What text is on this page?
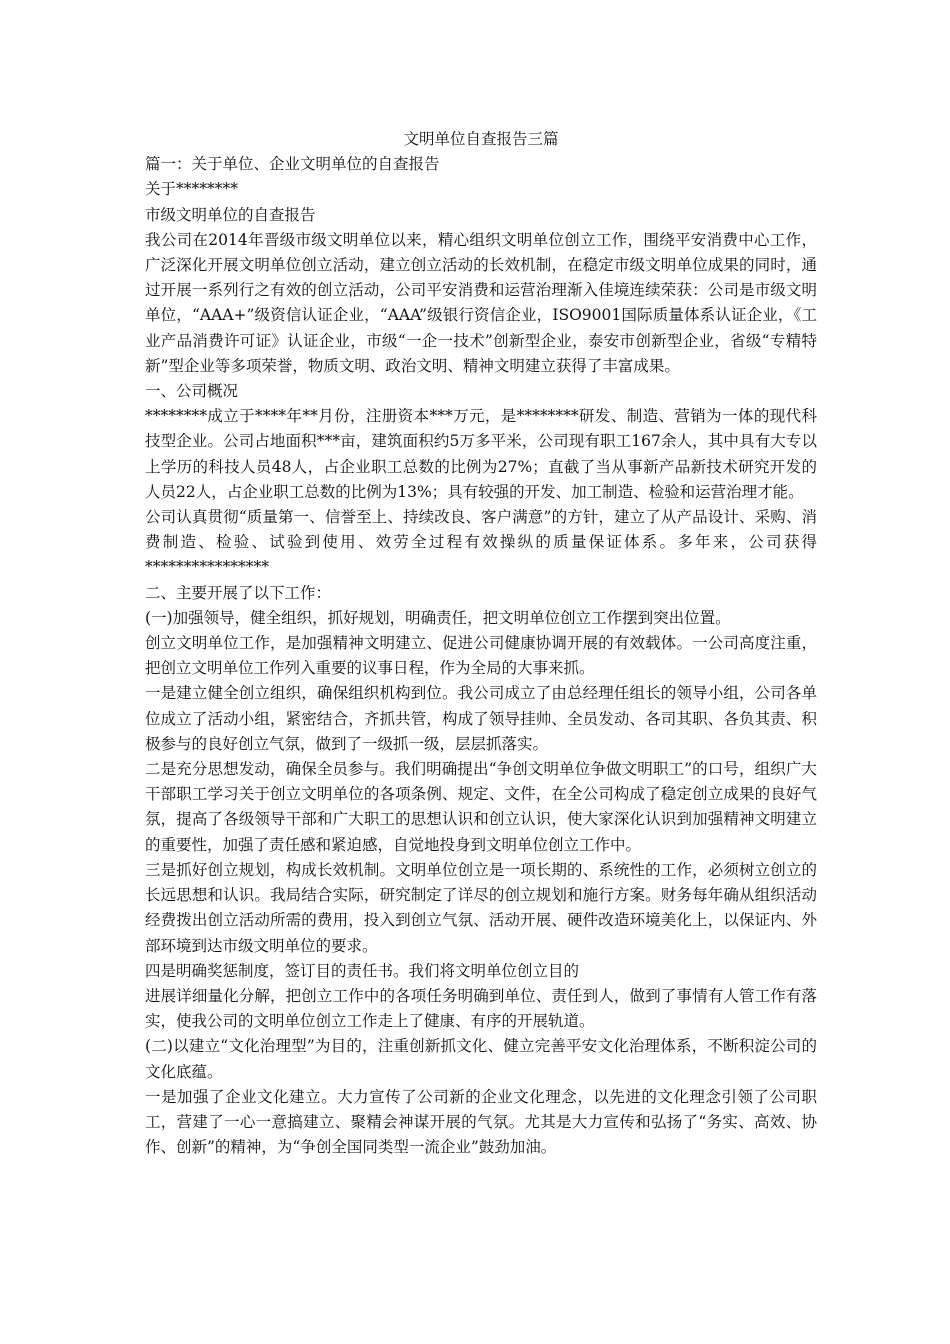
文明单位自查报告三篇

篇一：关于单位、企业文明单位的自查报告

关于********

市级文明单位的自查报告

我公司在2014年晋级市级文明单位以来，精心组织文明单位创立工作，围绕平安消费中心工作，广泛深化开展文明单位创立活动，建立创立活动的长效机制，在稳定市级文明单位成果的同时，通过开展一系列行之有效的创立活动，公司平安消费和运营治理渐入佳境连续荣获：公司是市级文明单位，“AAA+”级资信认证企业，“AAA”级银行资信企业，ISO9001国际质量体系认证企业，《工业产品消费许可证》认证企业，市级“一企一技术”创新型企业，泰安市创新型企业，省级“专精特新”型企业等多项荣誉，物质文明、政治文明、精神文明建立获得了丰富成果。

一、公司概况

********成立于****年**月份，注册资本***万元，是********研发、制造、营销为一体的现代科技型企业。公司占地面积***亩，建筑面积约5万多平米，公司现有职工167余人，其中具有大专以上学历的科技人员48人，占企业职工总数的比例为27%；直截了当从事新产品新技术研究开发的人员22人，占企业职工总数的比例为13%；具有较强的开发、加工制造、检验和运营治理才能。

公司认真贯彻“质量第一、信誉至上、持续改良、客户满意”的方针，建立了从产品设计、采购、消费制造、检验、试验到使用、效劳全过程有效操纵的质量保证体系。多年来，公司获得****************

二、主要开展了以下工作：

(一)加强领导，健全组织，抓好规划，明确责任，把文明单位创立工作摆到突出位置。

创立文明单位工作，是加强精神文明建立、促进公司健康协调开展的有效载体。一公司高度注重，把创立文明单位工作列入重要的议事日程，作为全局的大事来抓。

一是建立健全创立组织，确保组织机构到位。我公司成立了由总经理任组长的领导小组，公司各单位成立了活动小组，紧密结合，齐抓共管，构成了领导挂帅、全员发动、各司其职、各负其责、积极参与的良好创立气氛，做到了一级抓一级，层层抓落实。

二是充分思想发动，确保全员参与。我们明确提出“争创文明单位争做文明职工”的口号，组织广大干部职工学习关于创立文明单位的各项条例、规定、文件，在全公司构成了稳定创立成果的良好气氛，提高了各级领导干部和广大职工的思想认识和创立认识，使大家深化认识到加强精神文明建立的重要性，加强了责任感和紧迫感，自觉地投身到文明单位创立工作中。

三是抓好创立规划，构成长效机制。文明单位创立是一项长期的、系统性的工作，必须树立创立的长远思想和认识。我局结合实际，研究制定了详尽的创立规划和施行方案。财务每年确从组织活动经费拨出创立活动所需的费用，投入到创立气氛、活动开展、硬件改造环境美化上，以保证内、外部环境到达市级文明单位的要求。

四是明确奖惩制度，签订目的责任书。我们将文明单位创立目的

进展详细量化分解，把创立工作中的各项任务明确到单位、责任到人，做到了事情有人管工作有落实，使我公司的文明单位创立工作走上了健康、有序的开展轨道。

(二)以建立“文化治理型”为目的，注重创新抓文化、健立完善平安文化治理体系，不断积淀公司的文化底蕴。

一是加强了企业文化建立。大力宣传了公司新的企业文化理念，以先进的文化理念引领了公司职工，营建了一心一意搞建立、聚精会神谋开展的气氛。尤其是大力宣传和弘扬了“务实、高效、协作、创新”的精神，为“争创全国同类型一流企业”鼓劲加油。
